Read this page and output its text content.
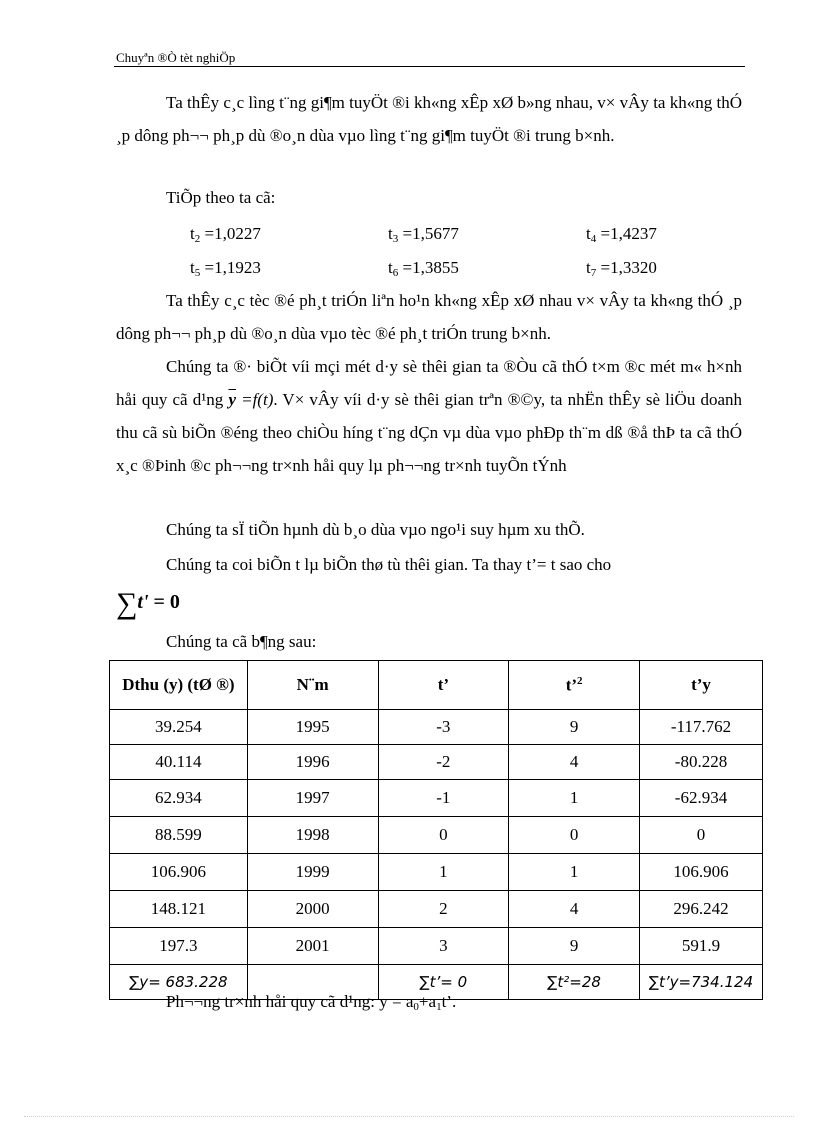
Chuyªn ®Ò tèt nghiÖp

Ta thÊy c¸c lìng t¨ng gi¶m tuyÖt ®i kh«ng xÊp xØ b»ng nhau, v× vÂy ta kh«ng thÓ ¸p dông ph¬¬ ph¸p dù ®o¸n dùa vµo lìng t¨ng gi¶m tuyÖt ®i trung b×nh.

TiÕp theo ta cã:
$t_2 =1,0227$	$t_3 =1,5677$	$t_4 =1,4237$
$t_5 =1,1923$	$t_6 =1,3855$	$t_7 =1,3320$

Ta thÊy c¸c tèc ®é ph¸t triÓn liªn ho¹n kh«ng xÊp xØ nhau v× vÂy ta kh«ng thÓ ¸p dông ph¬¬ ph¸p dù ®o¸n dùa vµo tèc ®é ph¸t triÓn trung b×nh.

Chúng ta ®· biÕt víi mçi mét d·y sè thêi gian ta ®Òu cã thÓ t×m ®c mét m« h×nh håi quy cã d¹ng $\overline{y} =f(t)$. V× vÂy víi d·y sè thêi gian trªn ®©y, ta nhËn thÊy sè liÖu doanh thu cã sù biÕn ®éng theo chiÒu híng t¨ng dÇn vµ dùa vµo phÐp th¨m dß ®å thÞ ta cã thÓ x¸c ®Þinh ®c ph¬¬ng tr×nh håi quy lµ ph¬¬ng tr×nh tuyÕn tÝnh

Chúng ta sÏ tiÕn hµnh dù b¸o dùa vµo ngo¹i suy hµm xu thÕ.

Chúng ta coi biÕn t lµ biÕn thø tù thêi gian. Ta thay t’= t sao cho

∑t' = 0
Chúng ta cã b¶ng sau:
Dthu (y) (tØ ®)	N¨m	t’	t’$^2$	t’y
39.254	1995	-3	9	-117.762
40.114	1996	-2	4	-80.228
62.934	1997	-1	1	-62.934
88.599	1998	0	0	0
106.906	1999	1	1	106.906
148.121	2000	2	4	296.242
197.3	2001	3	9	591.9
∑y= 683.228		∑t’= 0	∑t²=28	∑t’y=734.124
Ph¬¬ng tr×nh håi quy cã d¹ng: $y = a_0+a_1t$’.
